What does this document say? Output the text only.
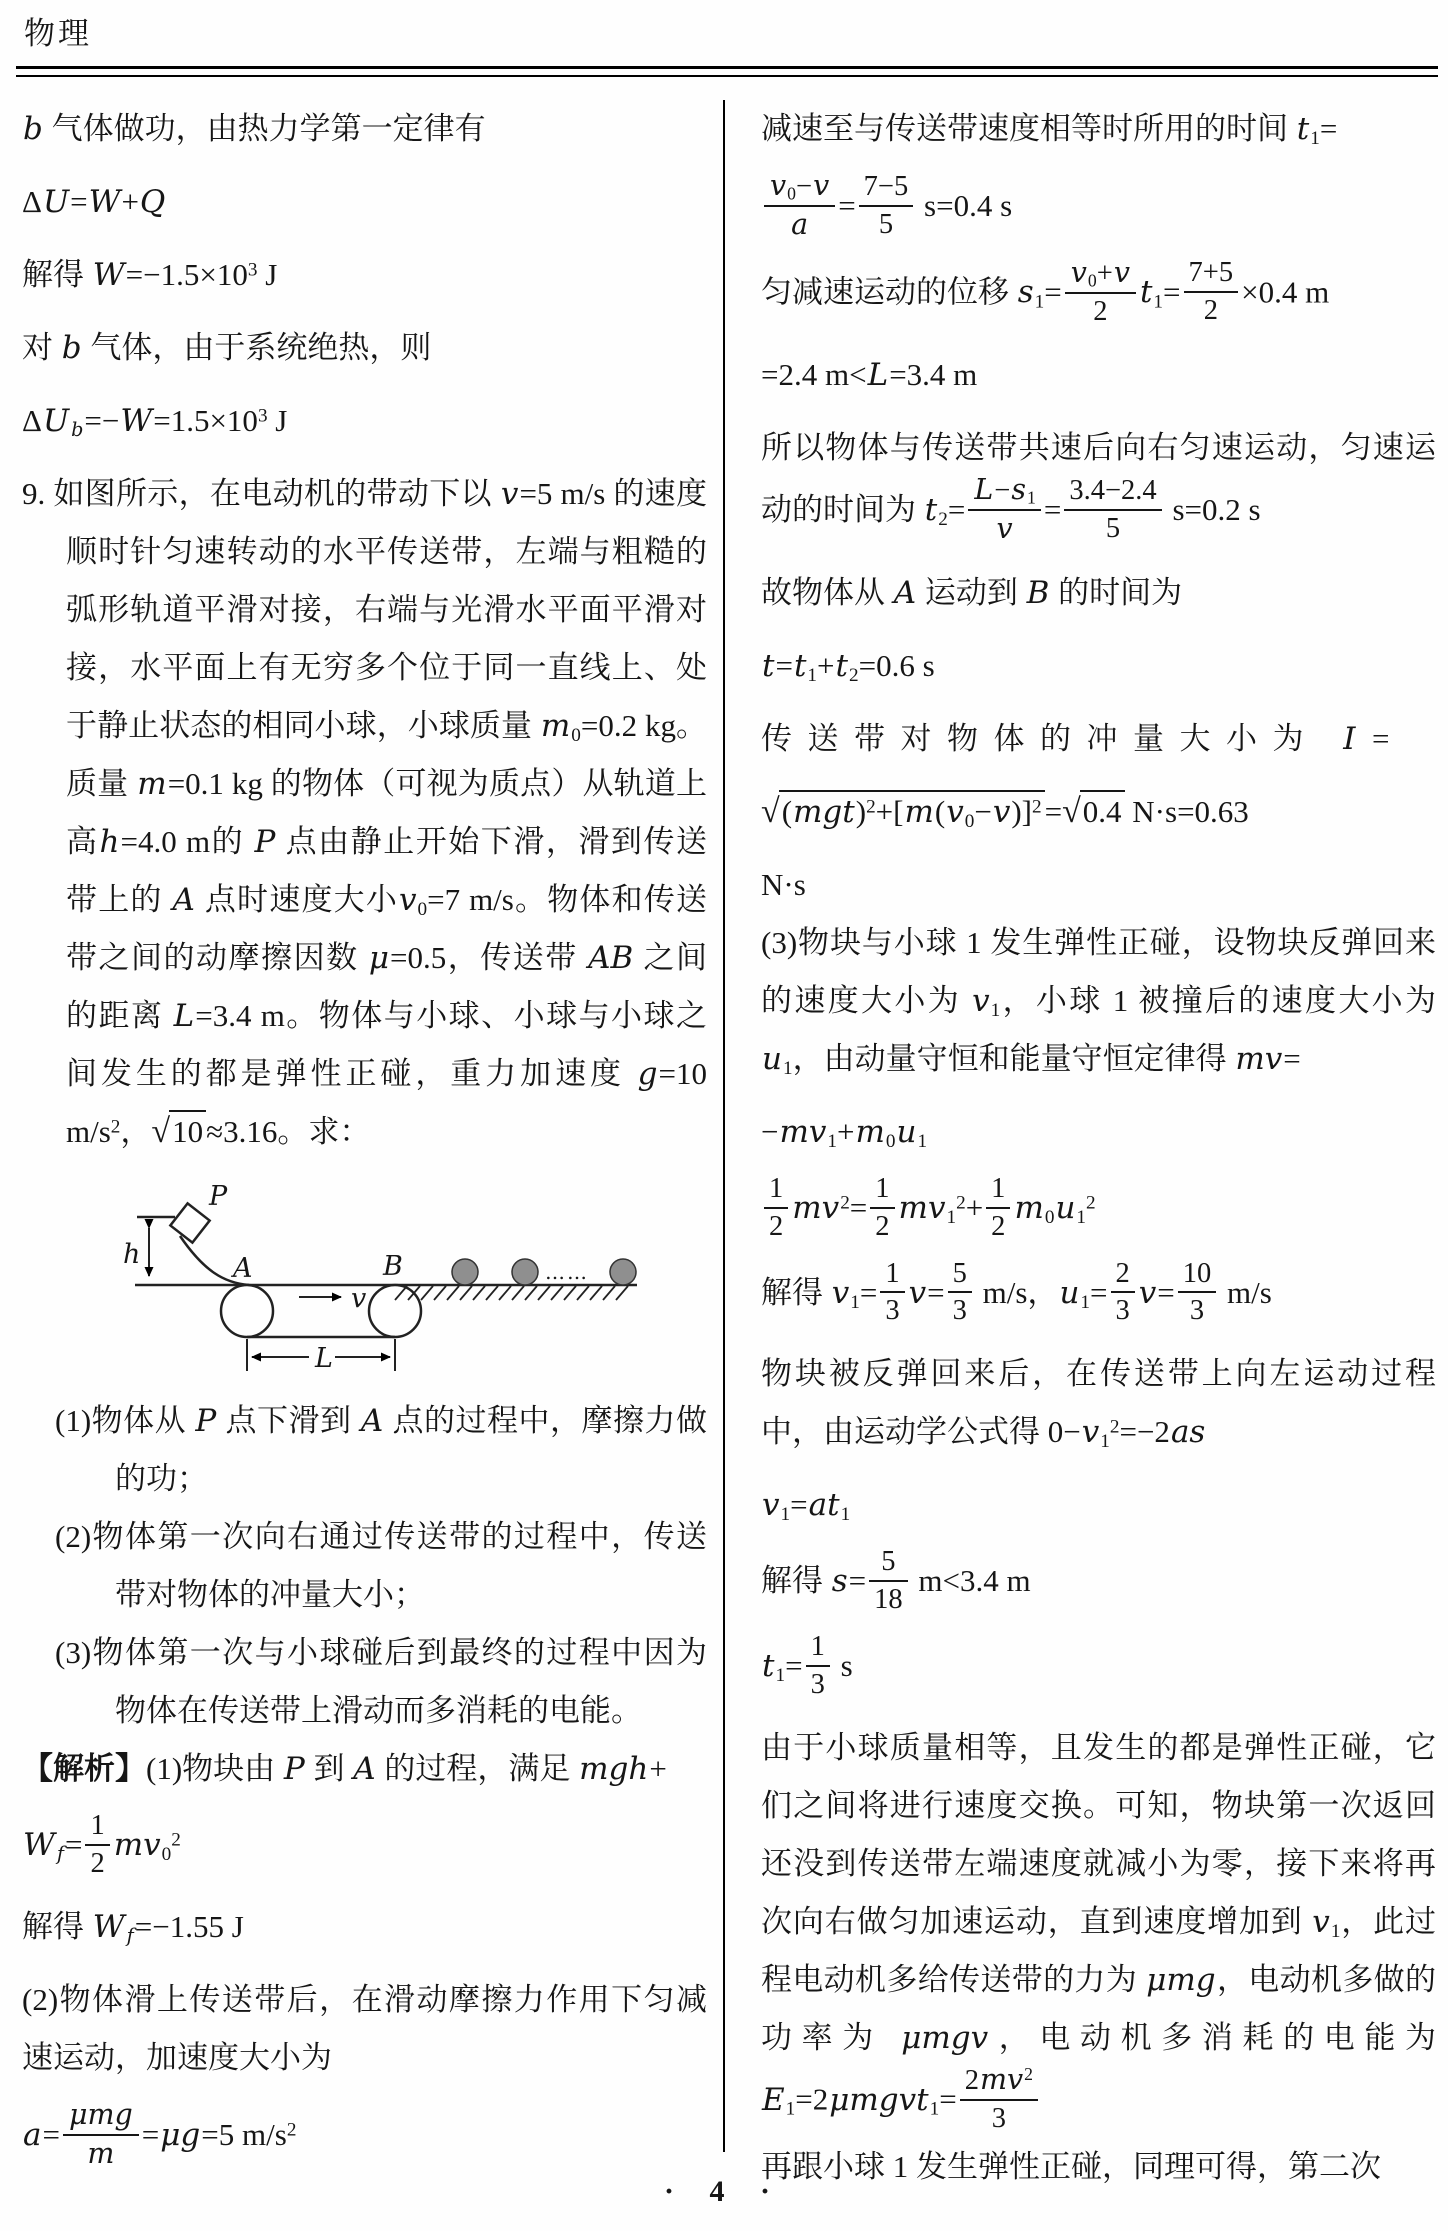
物理
b 气体做功，由热力学第一定律有
ΔU=W+Q
解得 $W=-1.5\times 10^3$ J
对 b 气体，由于系统绝热，则
ΔU $_b=-W=1.5\times 10^3$ J
9. 如图所示，在电动机的带动下以 v=5 m/s 的速度顺时针匀速转动的水平传送带，左端与粗糙的弧形轨道平滑对接，右端与光滑水平面平滑对接，水平面上有无穷多个位于同一直线上、处于静止状态的相同小球，小球质量 $m_0=0.2$ kg。质量 m=0.1 kg 的物体（可视为质点）从轨道上高h=4.0 m的 P 点由静止开始下滑，滑到传送带上的 A 点时速度大小$v_0=7$ m/s。物体和传送带之间的动摩擦因数 μ=0.5，传送带 AB 之间的距离 L=3.4 m。物体与小球、小球与小球之间发生的都是弹性正碰，重力加速度 g=10 $m/s^2$，√10≈3.16。求：
P
h	A	B
v
L
……
(1)物体从 P 点下滑到 A 点的过程中，摩擦力做的功；
(2)物体第一次向右通过传送带的过程中，传送带对物体的冲量大小；
(3)物体第一次与小球碰后到最终的过程中因为物体在传送带上滑动而多消耗的电能。
【解析】(1)物块由 P 到 A 的过程，满足 mgh+
W $_f= \frac{1}{2} mv_0^2$
解得 W $_f$=−1.55 J
(2)物体滑上传送带后，在滑动摩擦力作用下匀减速运动，加速度大小为
a=
μmg
m
=μg=5 $m/s^2$
减速至与传送带速度相等时所用的时间 $t_1=$
$\frac{v_0-v}{a} = \frac{7-5}{5} s=0.4$ s
匀减速运动的位移 $s_1= \frac{v_0+v}{2} t_1= \frac{7+5}{2} \times 0.4$ m
=2.4 m<L=3.4 m
所以物体与传送带共速后向右匀速运动，匀速运动的时间为 $t_2= \frac{L-s_1}{v} = \frac{3.4-2.4}{5} s=0.2$ s
故物体从 A 运动到 B 的时间为
$t=t_1+t_2=0.6$ s
传送带对物体的冲量大小为 I=
$√(mgt)^2+[m(v_0-v)]^2=√0.4$ N·s=0.63
N·s
(3)物块与小球 1 发生弹性正碰，设物块反弹回来的速度大小为 $v_1$，小球 1 被撞后的速度大小为 $u_1$，由动量守恒和能量守恒定律得 mv=
$-mv_1+m_0u_1$
$\frac{1}{2} mv^2= \frac{1}{2} mv_1^2+ \frac{1}{2} m_0u_1^2$
解得 $v_1= \frac{1}{3} v= \frac{5}{3} m/s$，$u_1= \frac{2}{3} v= \frac{10}{3} m/s$
物块被反弹回来后，在传送带上向左运动过程中，由运动学公式得 $0-v_1^2=-2as$
$v_1=at_1$
解得 $s= \frac{5}{18} m<3.4$ m
$t_1= \frac{1}{3}$ s
由于小球质量相等，且发生的都是弹性正碰，它们之间将进行速度交换。可知，物块第一次返回还没到传送带左端速度就减小为零，接下来将再次向右做匀加速运动，直到速度增加到 $v_1$，此过程电动机多给传送带的力为 μmg，电动机多做的功率为 μmgv，电动机多消耗的电能为 $E_1=2\mu mgvt_1= \frac{2mv^2}{3}$
再跟小球 1 发生弹性正碰，同理可得，第二次
· 4 ·
